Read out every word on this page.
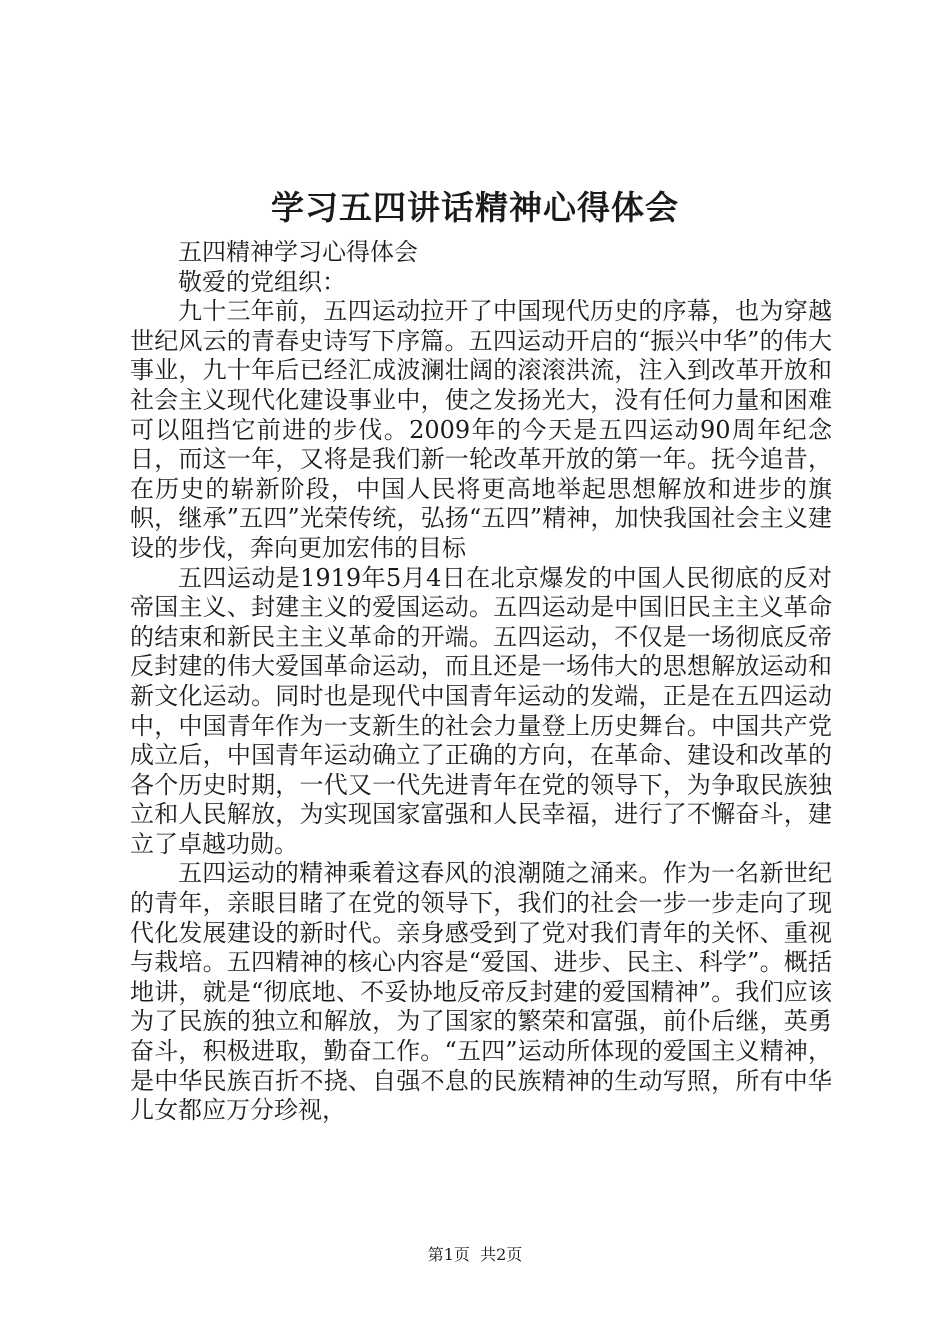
学习五四讲话精神心得体会

五四精神学习心得体会

敬爱的党组织：

九十三年前，五四运动拉开了中国现代历史的序幕，也为穿越世纪风云的青春史诗写下序篇。五四运动开启的“振兴中华”的伟大事业，九十年后已经汇成波澜壮阔的滚滚洪流，注入到改革开放和社会主义现代化建设事业中，使之发扬光大，没有任何力量和困难可以阻挡它前进的步伐。2009年的今天是五四运动90周年纪念日，而这一年，又将是我们新一轮改革开放的第一年。抚今追昔，在历史的崭新阶段，中国人民将更高地举起思想解放和进步的旗帜，继承”五四”光荣传统，弘扬“五四”精神，加快我国社会主义建设的步伐，奔向更加宏伟的目标

五四运动是1919年5月4日在北京爆发的中国人民彻底的反对帝国主义、封建主义的爱国运动。五四运动是中国旧民主主义革命的结束和新民主主义革命的开端。五四运动，不仅是一场彻底反帝反封建的伟大爱国革命运动，而且还是一场伟大的思想解放运动和新文化运动。同时也是现代中国青年运动的发端，正是在五四运动中，中国青年作为一支新生的社会力量登上历史舞台。中国共产党成立后，中国青年运动确立了正确的方向，在革命、建设和改革的各个历史时期，一代又一代先进青年在党的领导下，为争取民族独立和人民解放，为实现国家富强和人民幸福，进行了不懈奋斗，建立了卓越功勋。

五四运动的精神乘着这春风的浪潮随之涌来。作为一名新世纪的青年，亲眼目睹了在党的领导下，我们的社会一步一步走向了现代化发展建设的新时代。亲身感受到了党对我们青年的关怀、重视与栽培。五四精神的核心内容是“爱国、进步、民主、科学”。概括地讲，就是“彻底地、不妥协地反帝反封建的爱国精神”。我们应该为了民族的独立和解放，为了国家的繁荣和富强，前仆后继，英勇奋斗，积极进取，勤奋工作。“五四”运动所体现的爱国主义精神，是中华民族百折不挠、自强不息的民族精神的生动写照，所有中华儿女都应万分珍视，

第1页 共2页
